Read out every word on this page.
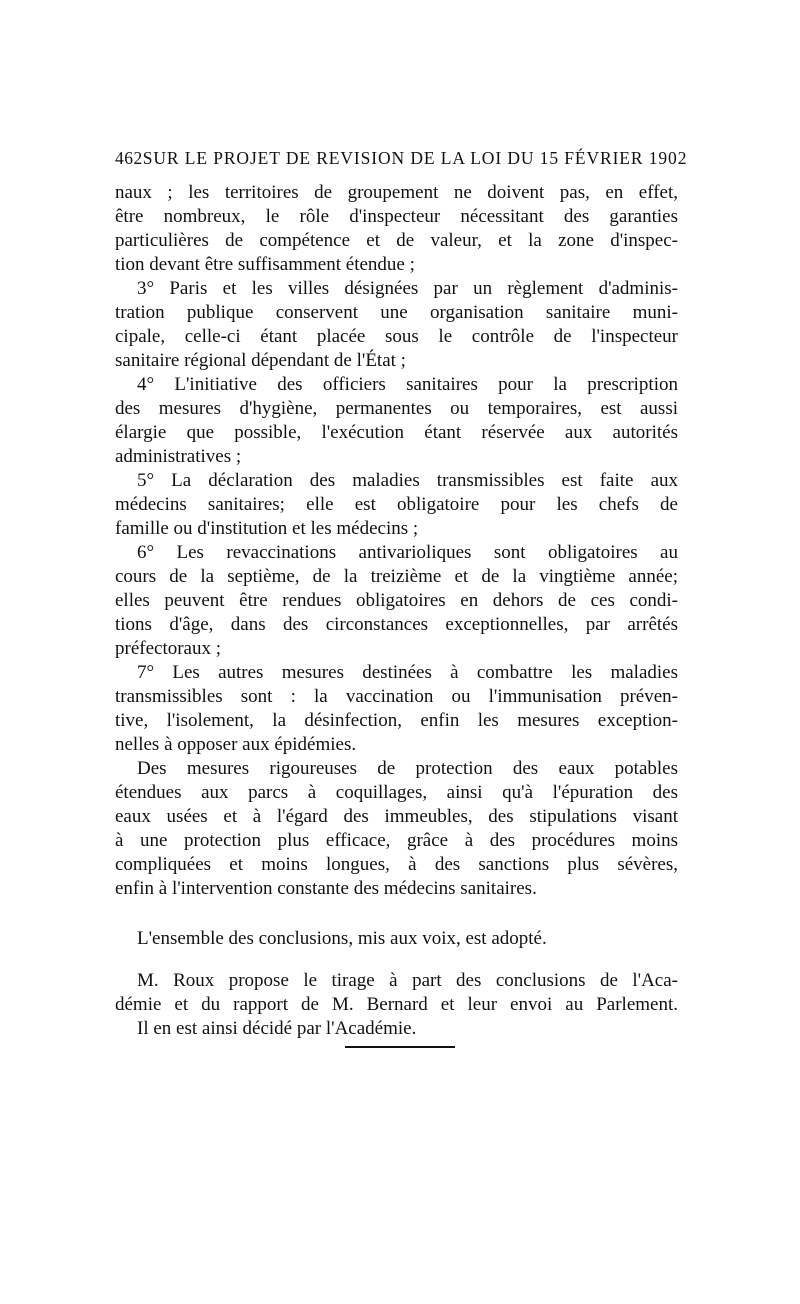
462 SUR LE PROJET DE REVISION DE LA LOI DU 15 FÉVRIER 1902
naux ; les territoires de groupement ne doivent pas, en effet,
être nombreux, le rôle d'inspecteur nécessitant des garanties
particulières de compétence et de valeur, et la zone d'inspec-
tion devant être suffisamment étendue ;
3° Paris et les villes désignées par un règlement d'adminis-
tration publique conservent une organisation sanitaire muni-
cipale, celle-ci étant placée sous le contrôle de l'inspecteur
sanitaire régional dépendant de l'État ;
4° L'initiative des officiers sanitaires pour la prescription
des mesures d'hygiène, permanentes ou temporaires, est aussi
élargie que possible, l'exécution étant réservée aux autorités
administratives ;
5° La déclaration des maladies transmissibles est faite aux
médecins sanitaires; elle est obligatoire pour les chefs de
famille ou d'institution et les médecins ;
6° Les revaccinations antivarioliques sont obligatoires au
cours de la septième, de la treizième et de la vingtième année;
elles peuvent être rendues obligatoires en dehors de ces condi-
tions d'âge, dans des circonstances exceptionnelles, par arrêtés
préfectoraux ;
7° Les autres mesures destinées à combattre les maladies
transmissibles sont : la vaccination ou l'immunisation préven-
tive, l'isolement, la désinfection, enfin les mesures exception-
nelles à opposer aux épidémies.
Des mesures rigoureuses de protection des eaux potables
étendues aux parcs à coquillages, ainsi qu'à l'épuration des
eaux usées et à l'égard des immeubles, des stipulations visant
à une protection plus efficace, grâce à des procédures moins
compliquées et moins longues, à des sanctions plus sévères,
enfin à l'intervention constante des médecins sanitaires.
L'ensemble des conclusions, mis aux voix, est adopté.
M. Roux propose le tirage à part des conclusions de l'Aca-
démie et du rapport de M. Bernard et leur envoi au Parlement.
Il en est ainsi décidé par l'Académie.
